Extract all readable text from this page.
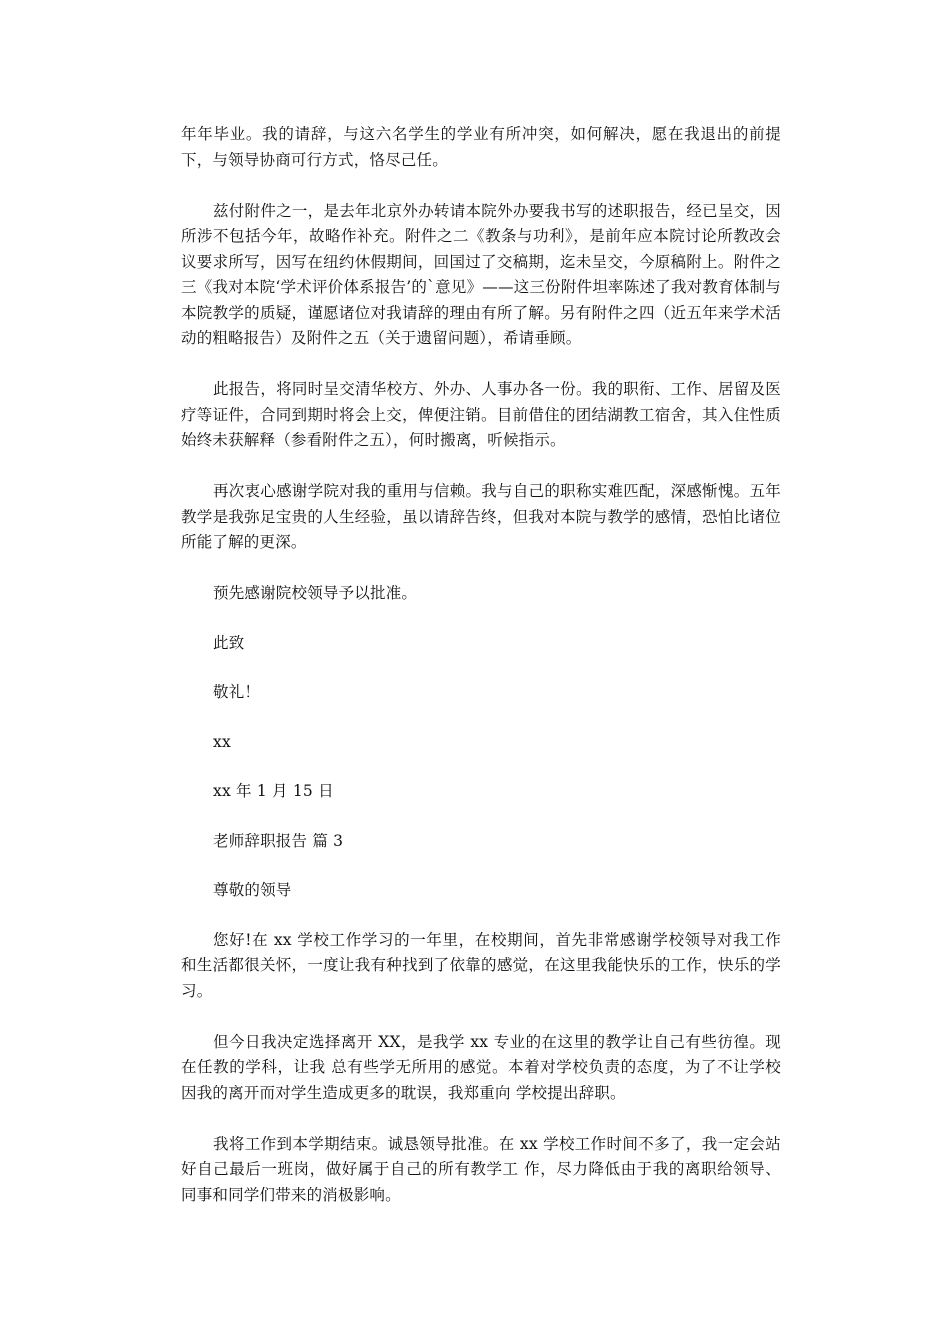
年年毕业。我的请辞，与这六名学生的学业有所冲突，如何解决，愿在我退出的前提下，与领导协商可行方式，恪尽己任。

兹付附件之一，是去年北京外办转请本院外办要我书写的述职报告，经已呈交，因所涉不包括今年，故略作补充。附件之二《教条与功利》，是前年应本院讨论所教改会议要求所写，因写在纽约休假期间，回国过了交稿期，迄未呈交，今原稿附上。附件之三《我对本院‘学术评价体系报告’的`意见》——这三份附件坦率陈述了我对教育体制与本院教学的质疑，谨愿诸位对我请辞的理由有所了解。另有附件之四（近五年来学术活动的粗略报告）及附件之五（关于遗留问题），希请垂顾。

此报告，将同时呈交清华校方、外办、人事办各一份。我的职衔、工作、居留及医疗等证件，合同到期时将会上交，俾便注销。目前借住的团结湖教工宿舍，其入住性质始终未获解释（参看附件之五），何时搬离，听候指示。

再次衷心感谢学院对我的重用与信赖。我与自己的职称实难匹配，深感惭愧。五年教学是我弥足宝贵的人生经验，虽以请辞告终，但我对本院与教学的感情，恐怕比诸位所能了解的更深。

预先感谢院校领导予以批准。

此致

敬礼！

xx

xx 年 1 月 15 日

老师辞职报告 篇 3

尊敬的领导

您好!在 xx 学校工作学习的一年里，在校期间，首先非常感谢学校领导对我工作和生活都很关怀，一度让我有种找到了依靠的感觉，在这里我能快乐的工作，快乐的学习。

但今日我决定选择离开 XX，是我学 xx 专业的在这里的教学让自己有些彷徨。现在任教的学科，让我 总有些学无所用的感觉。本着对学校负责的态度，为了不让学校因我的离开而对学生造成更多的耽误，我郑重向 学校提出辞职。

我将工作到本学期结束。诚恳领导批准。在 xx 学校工作时间不多了，我一定会站好自己最后一班岗，做好属于自己的所有教学工 作，尽力降低由于我的离职给领导、同事和同学们带来的消极影响。
